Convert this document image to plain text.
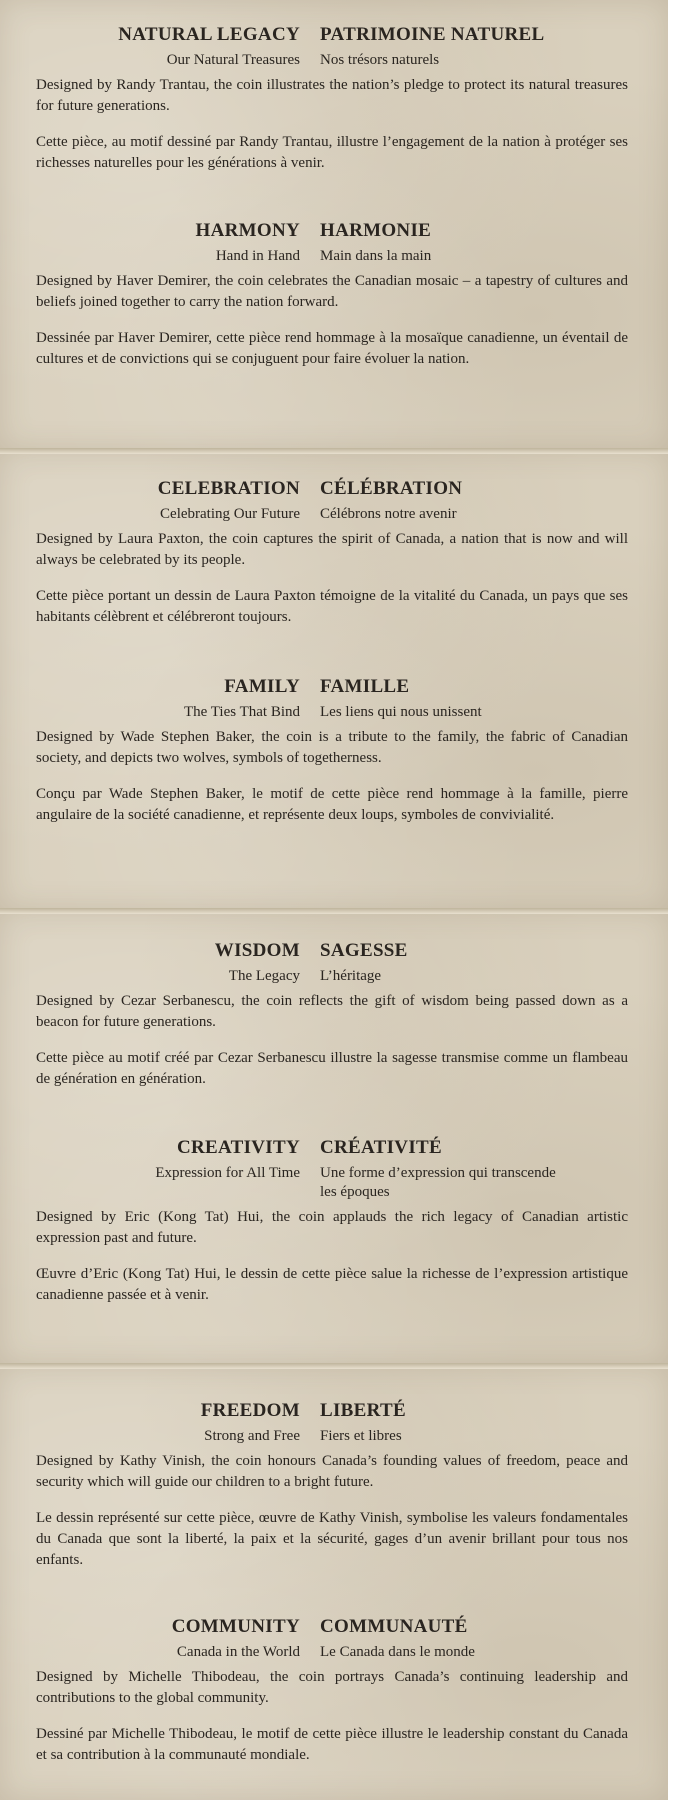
NATURAL LEGACY	PATRIMOINE NATUREL
Our Natural Treasures	Nos trésors naturels
Designed by Randy Trantau, the coin illustrates the nation’s pledge to protect its natural treasures for future generations.
Cette pièce, au motif dessiné par Randy Trantau, illustre l’engagement de la nation à protéger ses richesses naturelles pour les générations à venir.
HARMONY	HARMONIE
Hand in Hand	Main dans la main
Designed by Haver Demirer, the coin celebrates the Canadian mosaic – a tapestry of cultures and beliefs joined together to carry the nation forward.
Dessinée par Haver Demirer, cette pièce rend hommage à la mosaïque canadienne, un éventail de cultures et de convictions qui se conjuguent pour faire évoluer la nation.
CELEBRATION	CÉLÉBRATION
Celebrating Our Future	Célébrons notre avenir
Designed by Laura Paxton, the coin captures the spirit of Canada, a nation that is now and will always be celebrated by its people.
Cette pièce portant un dessin de Laura Paxton témoigne de la vitalité du Canada, un pays que ses habitants célèbrent et célébreront toujours.
FAMILY	FAMILLE
The Ties That Bind	Les liens qui nous unissent
Designed by Wade Stephen Baker, the coin is a tribute to the family, the fabric of Canadian society, and depicts two wolves, symbols of togetherness.
Conçu par Wade Stephen Baker, le motif de cette pièce rend hommage à la famille, pierre angulaire de la société canadienne, et représente deux loups, symboles de convivialité.
WISDOM	SAGESSE
The Legacy	L’héritage
Designed by Cezar Serbanescu, the coin reflects the gift of wisdom being passed down as a beacon for future generations.
Cette pièce au motif créé par Cezar Serbanescu illustre la sagesse transmise comme un flambeau de génération en génération.
CREATIVITY	CRÉATIVITÉ
Expression for All Time	Une forme d’expression qui transcende les époques
Designed by Eric (Kong Tat) Hui, the coin applauds the rich legacy of Canadian artistic expression past and future.
Œuvre d’Eric (Kong Tat) Hui, le dessin de cette pièce salue la richesse de l’expression artistique canadienne passée et à venir.
FREEDOM	LIBERTÉ
Strong and Free	Fiers et libres
Designed by Kathy Vinish, the coin honours Canada’s founding values of freedom, peace and security which will guide our children to a bright future.
Le dessin représenté sur cette pièce, œuvre de Kathy Vinish, symbolise les valeurs fondamentales du Canada que sont la liberté, la paix et la sécurité, gages d’un avenir brillant pour tous nos enfants.
COMMUNITY	COMMUNAUTÉ
Canada in the World	Le Canada dans le monde
Designed by Michelle Thibodeau, the coin portrays Canada’s continuing leadership and contributions to the global community.
Dessiné par Michelle Thibodeau, le motif de cette pièce illustre le leadership constant du Canada et sa contribution à la communauté mondiale.
